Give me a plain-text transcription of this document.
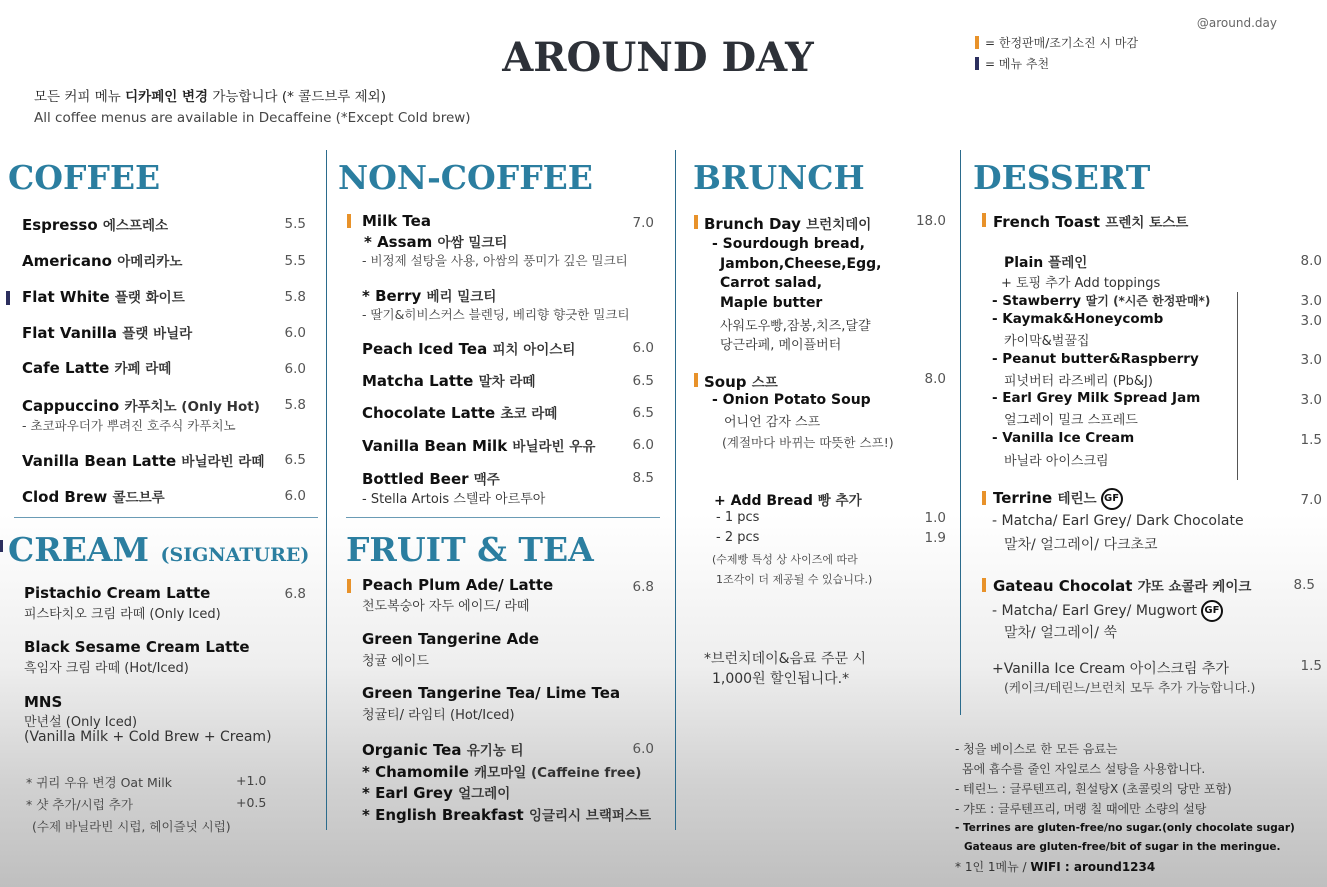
AROUND DAY
@around.day
= 한정판매/조기소진 시 마감
= 메뉴 추천
모든 커피 메뉴 디카페인 변경 가능합니다 (* 콜드브루 제외)
All coffee menus are available in Decaffeine (*Except Cold brew)
COFFEE
Espresso 에스프레소	5.5
Americano 아메리카노	5.5
Flat White 플랫 화이트	5.8
Flat Vanilla 플랫 바닐라	6.0
Cafe Latte 카페 라떼	6.0
Cappuccino 카푸치노 (Only Hot)	5.8
- 초코파우더가 뿌려진 호주식 카푸치노
Vanilla Bean Latte 바닐라빈 라떼	6.5
Clod Brew 콜드브루	6.0
CREAM (SIGNATURE)
Pistachio Cream Latte	6.8
피스타치오 크림 라떼 (Only Iced)
Black Sesame Cream Latte
흑임자 크림 라떼 (Hot/Iced)
MNS
만년설 (Only Iced)
(Vanilla Milk + Cold Brew + Cream)
* 귀리 우유 변경 Oat Milk	+1.0
* 샷 추가/시럽 추가	+0.5
(수제 바닐라빈 시럽, 헤이즐넛 시럽)
NON-COFFEE
Milk Tea	7.0
* Assam 아쌈 밀크티
- 비정제 설탕을 사용, 아쌈의 풍미가 깊은 밀크티
* Berry 베리 밀크티
- 딸기&히비스커스 블렌딩, 베리향 향긋한 밀크티
Peach Iced Tea 피치 아이스티	6.0
Matcha Latte 말차 라떼	6.5
Chocolate Latte 초코 라떼	6.5
Vanilla Bean Milk 바닐라빈 우유	6.0
Bottled Beer 맥주	8.5
- Stella Artois 스텔라 아르투아
FRUIT & TEA
Peach Plum Ade/ Latte	6.8
천도복숭아 자두 에이드/ 라떼
Green Tangerine Ade
청귤 에이드
Green Tangerine Tea/ Lime Tea
청귤티/ 라임티 (Hot/Iced)
Organic Tea 유기농 티	6.0
* Chamomile 캐모마일 (Caffeine free)
* Earl Grey 얼그레이
* English Breakfast 잉글리시 브랙퍼스트
BRUNCH
Brunch Day 브런치데이	18.0
- Sourdough bread,
Jambon,Cheese,Egg,
Carrot salad,
Maple butter
사워도우빵,잠봉,치즈,달걀
당근라페, 메이플버터
Soup 스프	8.0
- Onion Potato Soup
어니언 감자 스프
(계절마다 바뀌는 따뜻한 스프!)
+ Add Bread 빵 추가
- 1 pcs	1.0
- 2 pcs	1.9
(수제빵 특성 상 사이즈에 따라
1조각이 더 제공될 수 있습니다.)
*브런치데이&음료 주문 시
1,000원 할인됩니다.*
DESSERT
French Toast 프렌치 토스트
Plain 플레인	8.0
+ 토핑 추가 Add toppings
- Stawberry 딸기 (*시즌 한정판매*)	3.0
- Kaymak&Honeycomb	3.0
카이막&벌꿀집
- Peanut butter&Raspberry	3.0
피넛버터 라즈베리 (Pb&J)
- Earl Grey Milk Spread Jam	3.0
얼그레이 밀크 스프레드
- Vanilla Ice Cream	1.5
바닐라 아이스크림
Terrine 테린느 GF	7.0
- Matcha/ Earl Grey/ Dark Chocolate
말차/ 얼그레이/ 다크초코
Gateau Chocolat 갸또 쇼콜라 케이크	8.5
- Matcha/ Earl Grey/ Mugwort GF
말차/ 얼그레이/ 쑥
+Vanilla Ice Cream 아이스크림 추가	1.5
(케이크/테린느/브런치 모두 추가 가능합니다.)
- 청을 베이스로 한 모든 음료는
몸에 흡수를 줄인 자일로스 설탕을 사용합니다.
- 테린느 : 글루텐프리, 흰설탕X (초콜릿의 당만 포함)
- 갸또 : 글루텐프리, 머랭 칠 때에만 소량의 설탕
- Terrines are gluten-free/no sugar.(only chocolate sugar)
Gateaus are gluten-free/bit of sugar in the meringue.
* 1인 1메뉴 / WIFI : around1234
